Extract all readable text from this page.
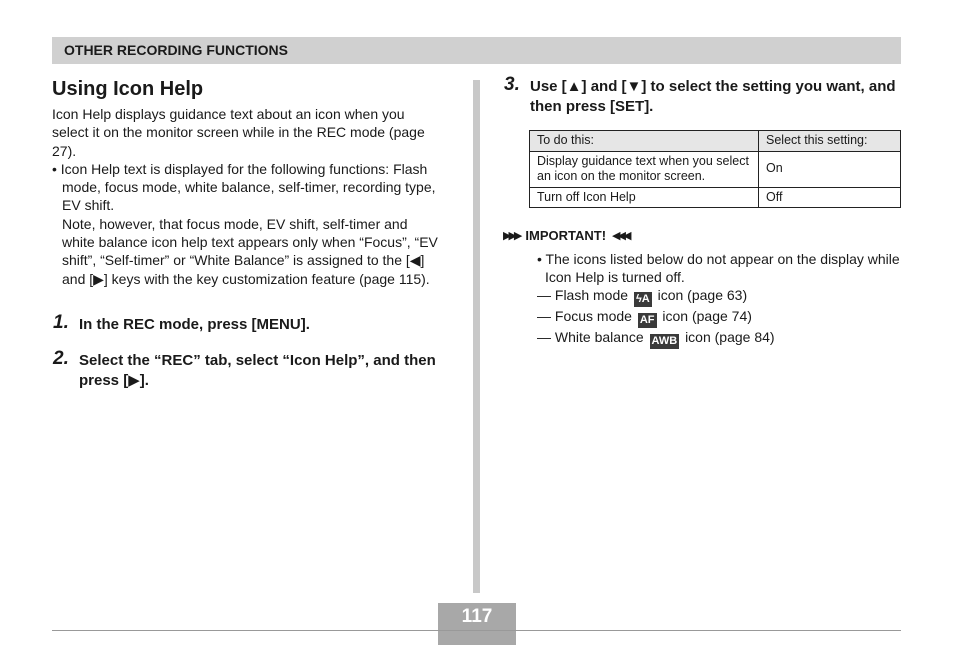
OTHER RECORDING FUNCTIONS
Using Icon Help

Icon Help displays guidance text about an icon when you select it on the monitor screen while in the REC mode (page 27).

• Icon Help text is displayed for the following functions: Flash mode, focus mode, white balance, self-timer, recording type, EV shift.
Note, however, that focus mode, EV shift, self-timer and white balance icon help text appears only when “Focus”, “EV shift”, “Self-timer” or “White Balance” is assigned to the [◀] and [▶] keys with the key customization feature (page 115).

1. In the REC mode, press [MENU].
2. Select the “REC” tab, select “Icon Help”, and then press [▶].
3. Use [▲] and [▼] to select the setting you want, and then press [SET].
To do this:	Select this setting:
Display guidance text when you select an icon on the monitor screen.	On
Turn off Icon Help	Off
▶▶▶ IMPORTANT! ◀◀◀

• The icons listed below do not appear on the display while Icon Help is turned off.

— Flash mode ϟA icon (page 63)

— Focus mode AF icon (page 74)

— White balance AWB icon (page 84)

117
